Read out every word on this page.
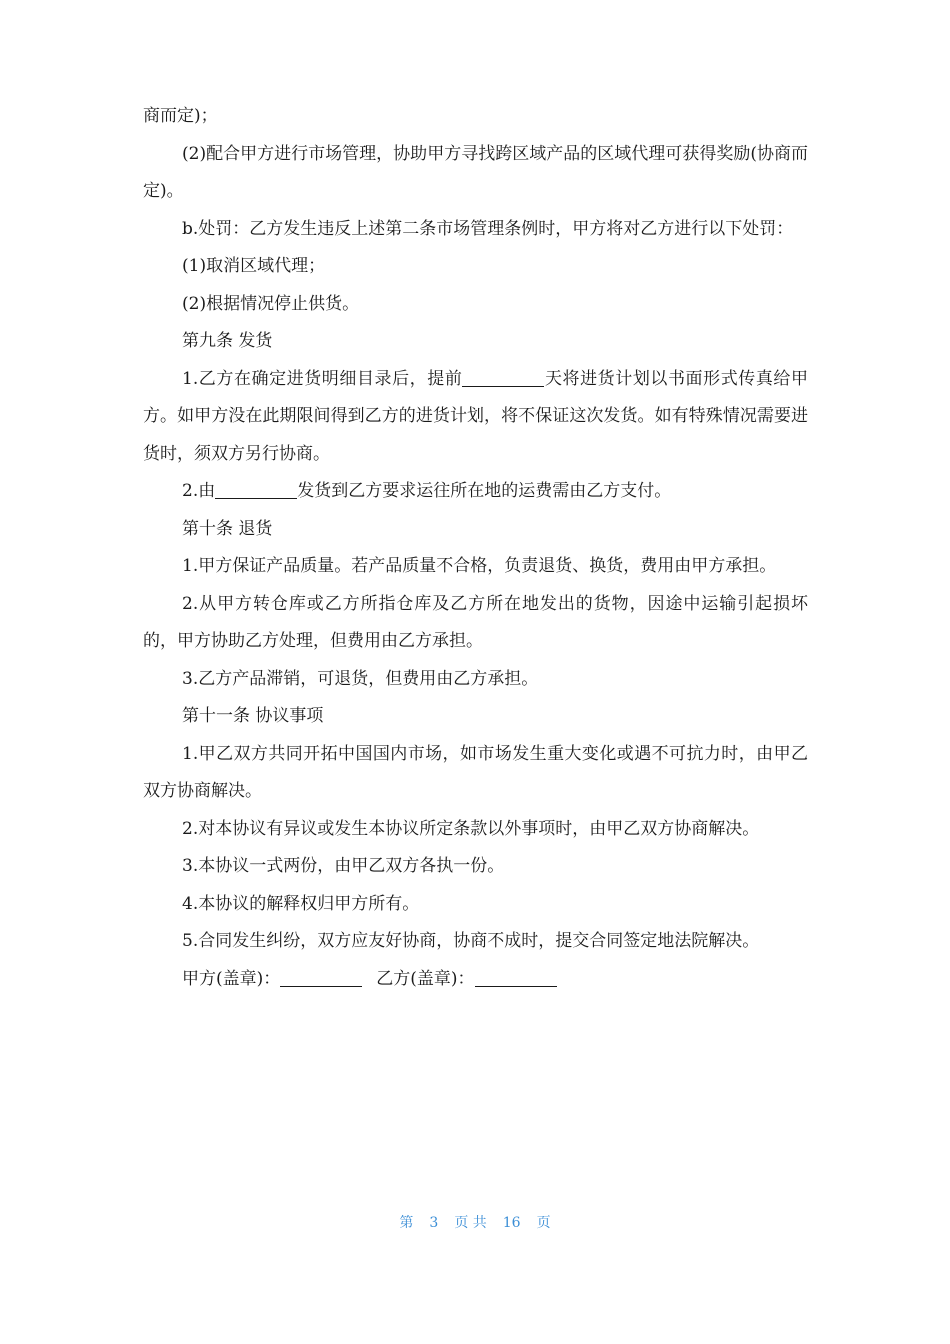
商而定)；

(2)配合甲方进行市场管理，协助甲方寻找跨区域产品的区域代理可获得奖励(协商而定)。

b.处罚：乙方发生违反上述第二条市场管理条例时，甲方将对乙方进行以下处罚：

(1)取消区域代理；

(2)根据情况停止供货。

第九条 发货

1.乙方在确定进货明细目录后，提前	天将进货计划以书面形式传真给甲方。如甲方没在此期限间得到乙方的进货计划，将不保证这次发货。如有特殊情况需要进货时，须双方另行协商。

2.由	发货到乙方要求运往所在地的运费需由乙方支付。

第十条 退货

1.甲方保证产品质量。若产品质量不合格，负责退货、换货，费用由甲方承担。

2.从甲方转仓库或乙方所指仓库及乙方所在地发出的货物，因途中运输引起损坏的，甲方协助乙方处理，但费用由乙方承担。

3.乙方产品滞销，可退货，但费用由乙方承担。

第十一条 协议事项

1.甲乙双方共同开拓中国国内市场，如市场发生重大变化或遇不可抗力时，由甲乙双方协商解决。

2.对本协议有异议或发生本协议所定条款以外事项时，由甲乙双方协商解决。

3.本协议一式两份，由甲乙双方各执一份。

4.本协议的解释权归甲方所有。

5.合同发生纠纷，双方应友好协商，协商不成时，提交合同签定地法院解决。

甲方(盖章)：	乙方(盖章)：

第 3 页 共 16 页
